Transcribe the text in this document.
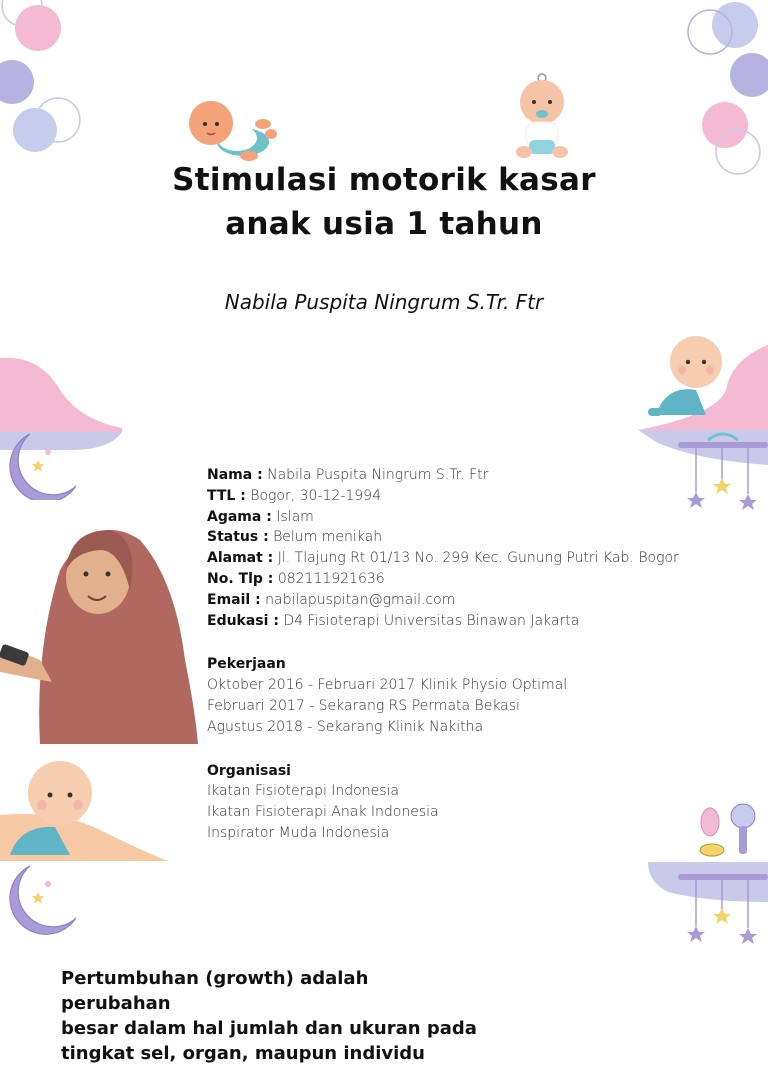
Stimulasi motorik kasar
anak usia 1 tahun
Nabila Puspita Ningrum S.Tr. Ftr
Nama : Nabila Puspita Ningrum S.Tr. Ftr
TTL : Bogor, 30-12-1994
Agama : Islam
Status : Belum menikah
Alamat : Jl. Tlajung Rt 01/13 No. 299 Kec. Gunung Putri Kab. Bogor
No. Tlp : 082111921636
Email : nabilapuspitan@gmail.com
Edukasi : D4 Fisioterapi Universitas Binawan Jakarta
Pekerjaan
Oktober 2016 - Februari 2017 Klinik Physio Optimal
Februari 2017 - Sekarang RS Permata Bekasi
Agustus 2018 - Sekarang Klinik Nakitha
Organisasi
Ikatan Fisioterapi Indonesia
Ikatan Fisioterapi Anak Indonesia
Inspirator Muda Indonesia
Pertumbuhan (growth) adalah perubahan
besar dalam hal jumlah dan ukuran pada
tingkat sel, organ, maupun individu
